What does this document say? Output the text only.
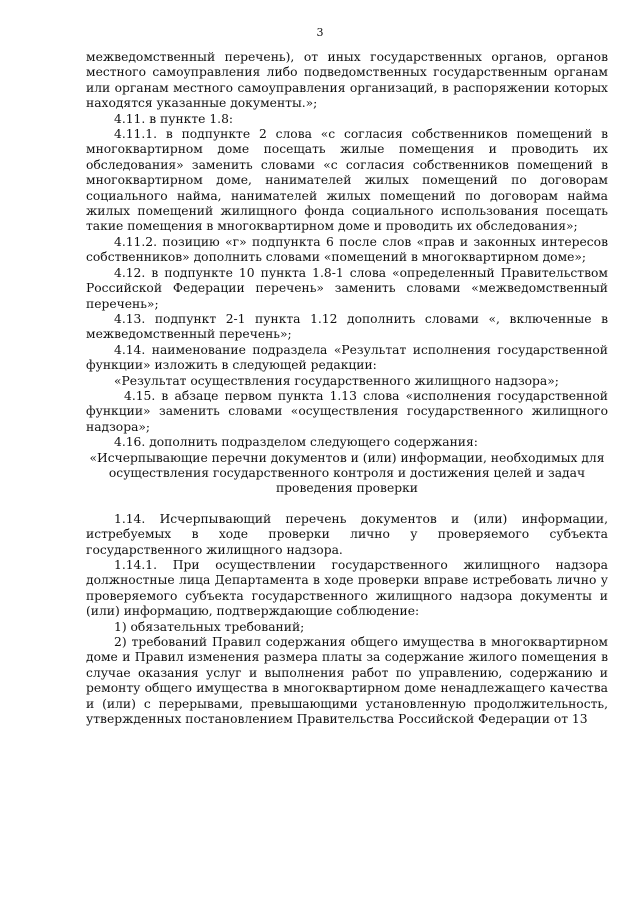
3

межведомственный перечень), от иных государственных органов, органов местного самоуправления либо подведомственных государственным органам или органам местного самоуправления организаций, в распоряжении которых находятся указанные документы.»;

4.11. в пункте 1.8:

4.11.1. в подпункте 2 слова «с согласия собственников помещений в многоквартирном доме посещать жилые помещения и проводить их обследования» заменить словами «с согласия собственников помещений в многоквартирном доме, нанимателей жилых помещений по договорам социального найма, нанимателей жилых помещений по договорам найма жилых помещений жилищного фонда социального использования посещать такие помещения в многоквартирном доме и проводить их обследования»;

4.11.2. позицию «г» подпункта 6 после слов «прав и законных интересов собственников» дополнить словами «помещений в многоквартирном доме»;

4.12. в подпункте 10 пункта 1.8-1 слова «определенный Правительством Российской Федерации перечень» заменить словами «межведомственный перечень»;

4.13. подпункт 2-1 пункта 1.12 дополнить словами «, включенные в межведомственный перечень»;

4.14. наименование подраздела «Результат исполнения государственной функции» изложить в следующей редакции:

«Результат осуществления государственного жилищного надзора»;

4.15. в абзаце первом пункта 1.13 слова «исполнения государственной функции» заменить словами «осуществления государственного жилищного надзора»;

4.16. дополнить подразделом следующего содержания:

«Исчерпывающие перечни документов и (или) информации, необходимых для осуществления государственного контроля и достижения целей и задач проведения проверки

1.14. Исчерпывающий перечень документов и (или) информации, истребуемых в ходе проверки лично у проверяемого субъекта государственного жилищного надзора.

1.14.1. При осуществлении государственного жилищного надзора должностные лица Департамента в ходе проверки вправе истребовать лично у проверяемого субъекта государственного жилищного надзора документы и (или) информацию, подтверждающие соблюдение:

1) обязательных требований;

2) требований Правил содержания общего имущества в многоквартирном доме и Правил изменения размера платы за содержание жилого помещения в случае оказания услуг и выполнения работ по управлению, содержанию и ремонту общего имущества в многоквартирном доме ненадлежащего качества и (или) с перерывами, превышающими установленную продолжительность, утвержденных постановлением Правительства Российской Федерации от 13
